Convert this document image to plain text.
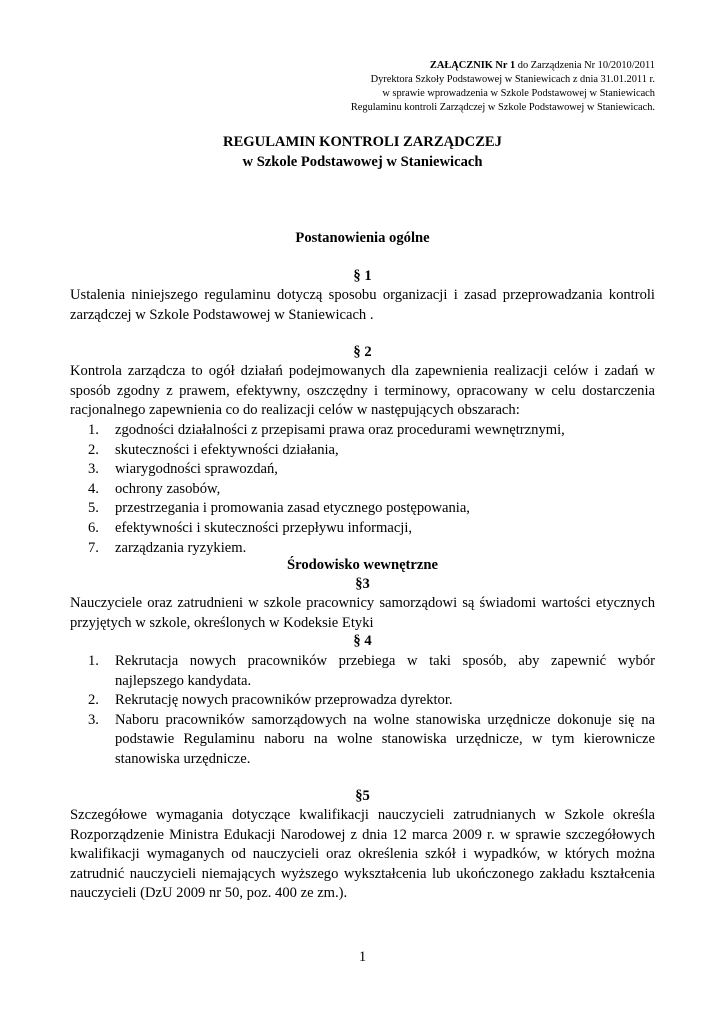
ZAŁĄCZNIK Nr 1 do Zarządzenia Nr 10/2010/2011
Dyrektora Szkoły Podstawowej w Staniewicach z dnia 31.01.2011 r.
w sprawie wprowadzenia w Szkole Podstawowej w Staniewicach
Regulaminu kontroli Zarządczej w Szkole Podstawowej w Staniewicach.
REGULAMIN KONTROLI ZARZĄDCZEJ
w Szkole Podstawowej w Staniewicach
Postanowienia ogólne
§ 1
Ustalenia niniejszego regulaminu dotyczą sposobu organizacji i zasad przeprowadzania kontroli zarządczej w Szkole Podstawowej w Staniewicach .
§ 2
Kontrola zarządcza to ogół działań podejmowanych dla zapewnienia realizacji celów i zadań w sposób zgodny z prawem, efektywny, oszczędny i terminowy, opracowany w celu dostarczenia racjonalnego zapewnienia co do realizacji celów w następujących obszarach:
1. zgodności działalności z przepisami prawa oraz procedurami wewnętrznymi,
2. skuteczności i efektywności działania,
3. wiarygodności sprawozdań,
4. ochrony zasobów,
5. przestrzegania i promowania zasad etycznego postępowania,
6. efektywności i skuteczności przepływu informacji,
7. zarządzania ryzykiem.
Środowisko wewnętrzne
§3
Nauczyciele oraz zatrudnieni w szkole pracownicy samorządowi są świadomi wartości etycznych przyjętych w szkole, określonych w Kodeksie Etyki
§ 4
1. Rekrutacja nowych pracowników przebiega w taki sposób, aby zapewnić wybór najlepszego kandydata.
2. Rekrutację nowych pracowników przeprowadza dyrektor.
3. Naboru pracowników samorządowych na wolne stanowiska urzędnicze dokonuje się na podstawie Regulaminu naboru na wolne stanowiska urzędnicze, w tym kierownicze stanowiska urzędnicze.
§5
Szczegółowe wymagania dotyczące kwalifikacji nauczycieli zatrudnianych w Szkole określa Rozporządzenie Ministra Edukacji Narodowej z dnia 12 marca 2009 r. w sprawie szczegółowych kwalifikacji wymaganych od nauczycieli oraz określenia szkół i wypadków, w których można zatrudnić nauczycieli niemających wyższego wykształcenia lub ukończonego zakładu kształcenia nauczycieli (DzU 2009 nr 50, poz. 400 ze zm.).
1
